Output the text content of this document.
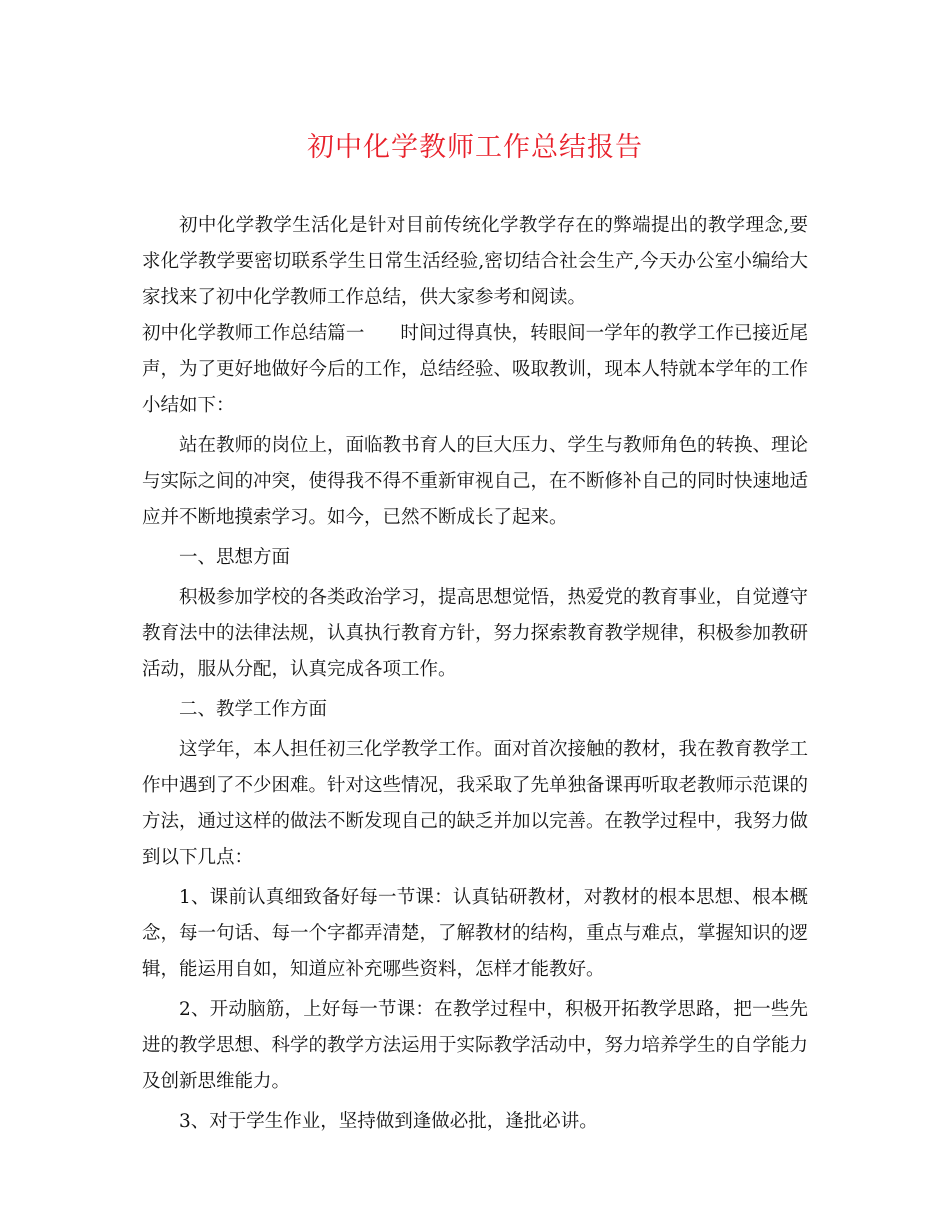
初中化学教师工作总结报告

初中化学教学生活化是针对目前传统化学教学存在的弊端提出的教学理念,要求化学教学要密切联系学生日常生活经验,密切结合社会生产,今天办公室小编给大家找来了初中化学教师工作总结，供大家参考和阅读。

初中化学教师工作总结篇一 时间过得真快，转眼间一学年的教学工作已接近尾声，为了更好地做好今后的工作，总结经验、吸取教训，现本人特就本学年的工作小结如下：

站在教师的岗位上，面临教书育人的巨大压力、学生与教师角色的转换、理论与实际之间的冲突，使得我不得不重新审视自己，在不断修补自己的同时快速地适应并不断地摸索学习。如今，已然不断成长了起来。

一、思想方面

积极参加学校的各类政治学习，提高思想觉悟，热爱党的教育事业，自觉遵守教育法中的法律法规，认真执行教育方针，努力探索教育教学规律，积极参加教研活动，服从分配，认真完成各项工作。

二、教学工作方面

这学年，本人担任初三化学教学工作。面对首次接触的教材，我在教育教学工作中遇到了不少困难。针对这些情况，我采取了先单独备课再听取老教师示范课的方法，通过这样的做法不断发现自己的缺乏并加以完善。在教学过程中，我努力做到以下几点：

1、课前认真细致备好每一节课：认真钻研教材，对教材的根本思想、根本概念，每一句话、每一个字都弄清楚，了解教材的结构，重点与难点，掌握知识的逻辑，能运用自如，知道应补充哪些资料，怎样才能教好。

2、开动脑筋，上好每一节课：在教学过程中，积极开拓教学思路，把一些先进的教学思想、科学的教学方法运用于实际教学活动中，努力培养学生的自学能力及创新思维能力。

3、对于学生作业，坚持做到逢做必批，逢批必讲。
